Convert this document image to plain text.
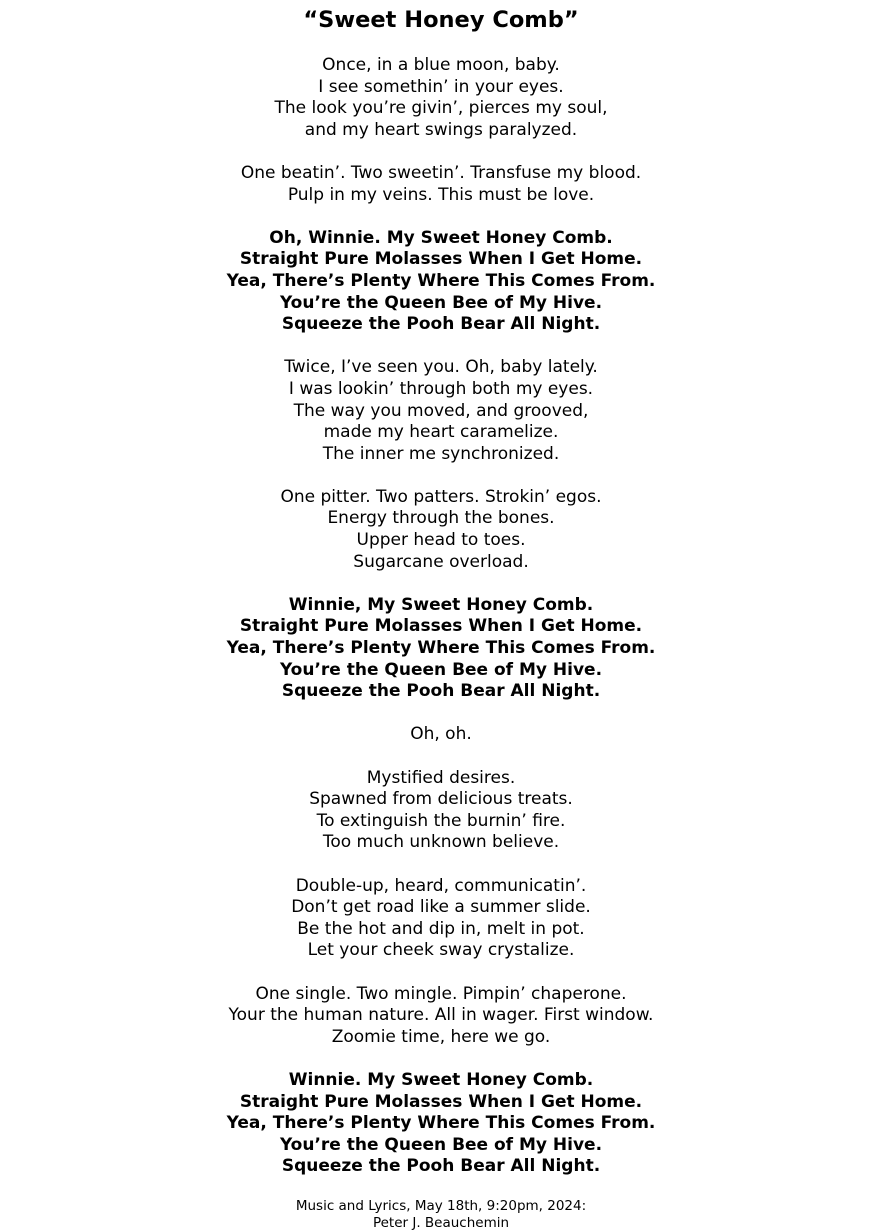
“Sweet Honey Comb”
Once, in a blue moon, baby.
I see somethin’ in your eyes.
The look you’re givin’, pierces my soul,
and my heart swings paralyzed.
One beatin’. Two sweetin’. Transfuse my blood.
Pulp in my veins. This must be love.
Oh, Winnie. My Sweet Honey Comb.
Straight Pure Molasses When I Get Home.
Yea, There’s Plenty Where This Comes From.
You’re the Queen Bee of My Hive.
Squeeze the Pooh Bear All Night.
Twice, I’ve seen you. Oh, baby lately.
I was lookin’ through both my eyes.
The way you moved, and grooved,
made my heart caramelize.
The inner me synchronized.
One pitter. Two patters. Strokin’ egos.
Energy through the bones.
Upper head to toes.
Sugarcane overload.
Winnie, My Sweet Honey Comb.
Straight Pure Molasses When I Get Home.
Yea, There’s Plenty Where This Comes From.
You’re the Queen Bee of My Hive.
Squeeze the Pooh Bear All Night.
Oh, oh.
Mystified desires.
Spawned from delicious treats.
To extinguish the burnin’ fire.
Too much unknown believe.
Double-up, heard, communicatin’.
Don’t get road like a summer slide.
Be the hot and dip in, melt in pot.
Let your cheek sway crystalize.
One single. Two mingle. Pimpin’ chaperone.
Your the human nature. All in wager. First window.
Zoomie time, here we go.
Winnie. My Sweet Honey Comb.
Straight Pure Molasses When I Get Home.
Yea, There’s Plenty Where This Comes From.
You’re the Queen Bee of My Hive.
Squeeze the Pooh Bear All Night.
Music and Lyrics, May 18th, 9:20pm, 2024:
Peter J. Beauchemin
